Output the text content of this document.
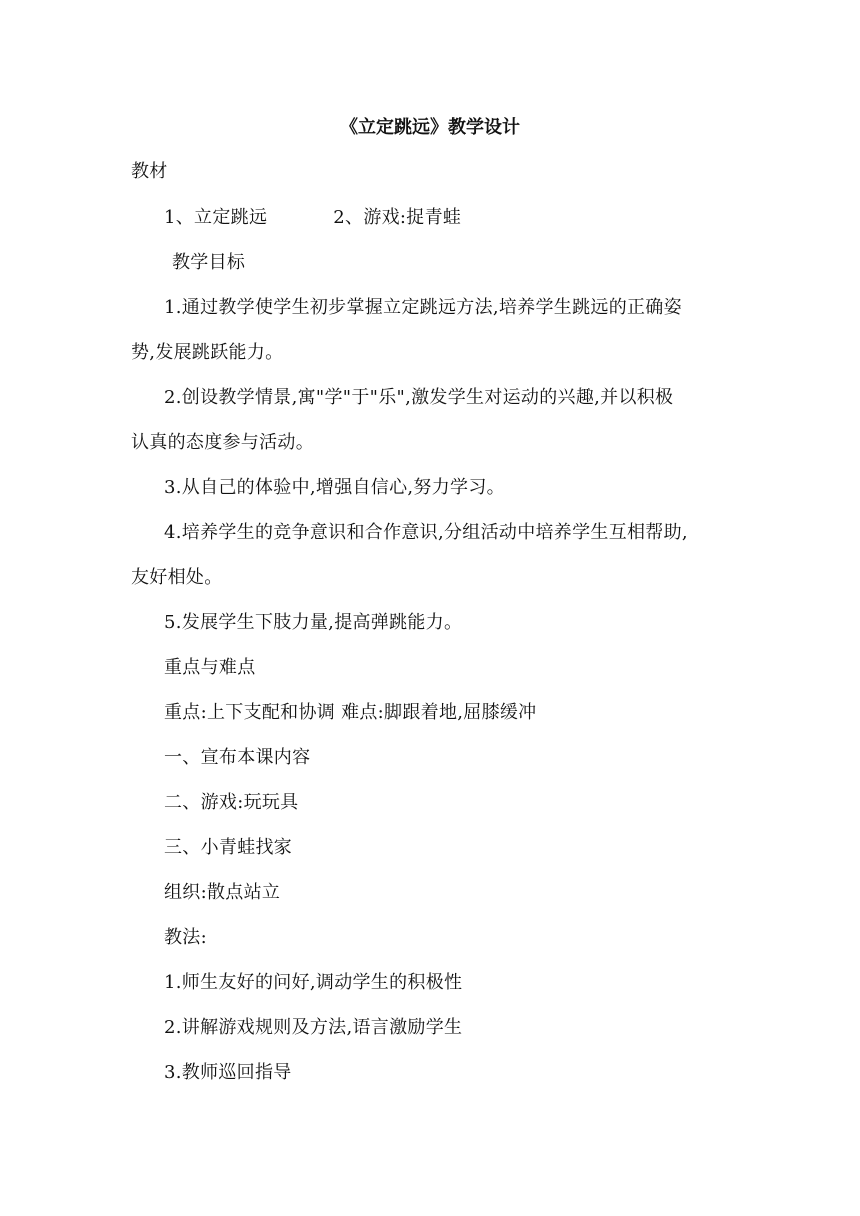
《立定跳远》教学设计
教材
1、立定跳远	2、游戏:捉青蛙
教学目标
1.通过教学使学生初步掌握立定跳远方法,培养学生跳远的正确姿
势,发展跳跃能力。
2.创设教学情景,寓"学"于"乐",激发学生对运动的兴趣,并以积极
认真的态度参与活动。
3.从自己的体验中,增强自信心,努力学习。
4.培养学生的竞争意识和合作意识,分组活动中培养学生互相帮助,
友好相处。
5.发展学生下肢力量,提高弹跳能力。
重点与难点
重点:上下支配和协调 难点:脚跟着地,屈膝缓冲
一、宣布本课内容
二、游戏:玩玩具
三、小青蛙找家
组织:散点站立
教法:
1.师生友好的问好,调动学生的积极性
2.讲解游戏规则及方法,语言激励学生
3.教师巡回指导
